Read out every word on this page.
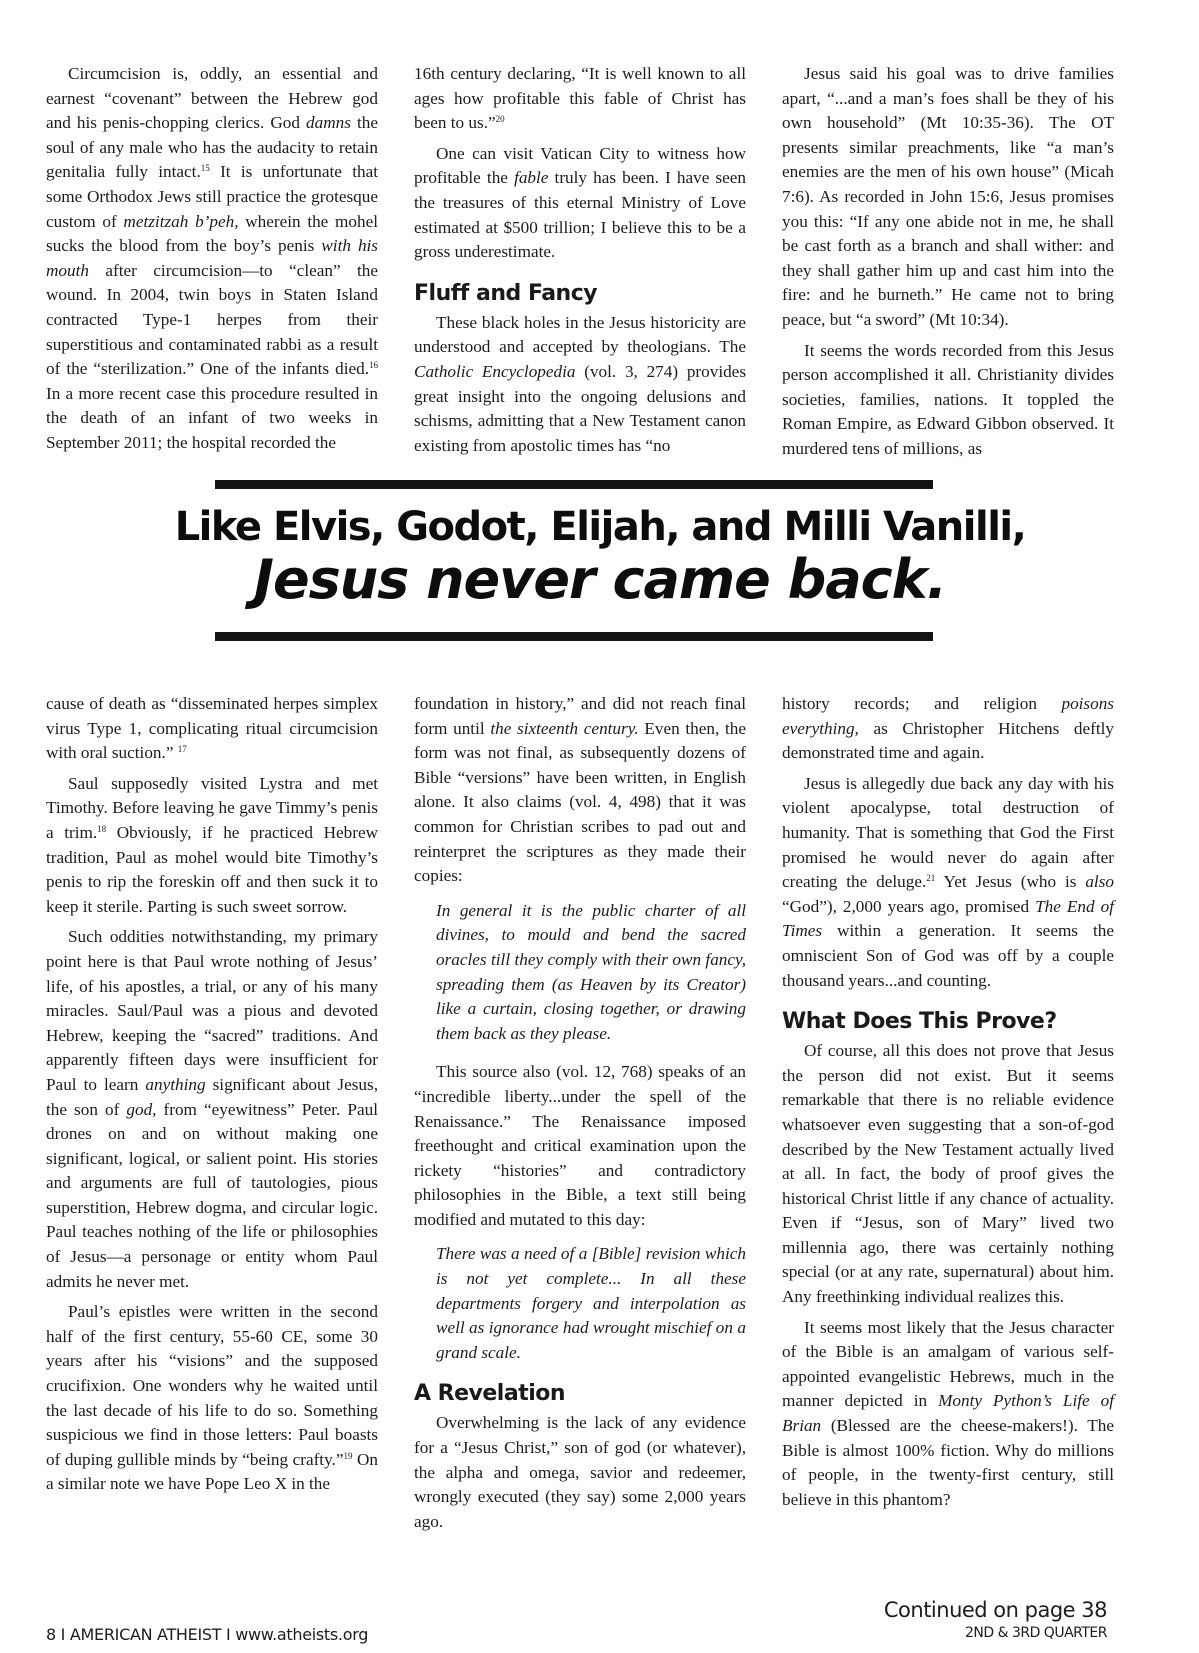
Circumcision is, oddly, an essential and earnest “covenant” between the Hebrew god and his penis-chopping clerics. God damns the soul of any male who has the audacity to retain genitalia fully intact.$^{15}$ It is unfortunate that some Orthodox Jews still practice the grotesque custom of metzitzah b’peh, wherein the mohel sucks the blood from the boy’s penis with his mouth after circumcision—to “clean” the wound. In 2004, twin boys in Staten Island contracted Type-1 herpes from their superstitious and contaminated rabbi as a result of the “sterilization.” One of the infants died.$^{16}$ In a more recent case this procedure resulted in the death of an infant of two weeks in September 2011; the hospital recorded the

16th century declaring, “It is well known to all ages how profitable this fable of Christ has been to us.”$^{20}$

One can visit Vatican City to witness how profitable the fable truly has been. I have seen the treasures of this eternal Ministry of Love estimated at $500 trillion; I believe this to be a gross underestimate.

Fluff and Fancy

These black holes in the Jesus historicity are understood and accepted by theologians. The Catholic Encyclopedia (vol. 3, 274) provides great insight into the ongoing delusions and schisms, admitting that a New Testament canon existing from apostolic times has “no

Jesus said his goal was to drive families apart, “...and a man’s foes shall be they of his own household” (Mt 10:35-36). The OT presents similar preachments, like “a man’s enemies are the men of his own house” (Micah 7:6). As recorded in John 15:6, Jesus promises you this: “If any one abide not in me, he shall be cast forth as a branch and shall wither: and they shall gather him up and cast him into the fire: and he burneth.” He came not to bring peace, but “a sword” (Mt 10:34).

It seems the words recorded from this Jesus person accomplished it all. Christianity divides societies, families, nations. It toppled the Roman Empire, as Edward Gibbon observed. It murdered tens of millions, as

Like Elvis, Godot, Elijah, and Milli Vanilli,
Jesus never came back.

cause of death as “disseminated herpes simplex virus Type 1, complicating ritual circumcision with oral suction.” $^{17}$

Saul supposedly visited Lystra and met Timothy. Before leaving he gave Timmy’s penis a trim.$^{18}$ Obviously, if he practiced Hebrew tradition, Paul as mohel would bite Timothy’s penis to rip the foreskin off and then suck it to keep it sterile. Parting is such sweet sorrow.

Such oddities notwithstanding, my primary point here is that Paul wrote nothing of Jesus’ life, of his apostles, a trial, or any of his many miracles. Saul/Paul was a pious and devoted Hebrew, keeping the “sacred” traditions. And apparently fifteen days were insufficient for Paul to learn anything significant about Jesus, the son of god, from “eyewitness” Peter. Paul drones on and on without making one significant, logical, or salient point. His stories and arguments are full of tautologies, pious superstition, Hebrew dogma, and circular logic. Paul teaches nothing of the life or philosophies of Jesus—a personage or entity whom Paul admits he never met.

Paul’s epistles were written in the second half of the first century, 55-60 CE, some 30 years after his “visions” and the supposed crucifixion. One wonders why he waited until the last decade of his life to do so. Something suspicious we find in those letters: Paul boasts of duping gullible minds by “being crafty.”$^{19}$ On a similar note we have Pope Leo X in the

foundation in history,” and did not reach final form until the sixteenth century. Even then, the form was not final, as subsequently dozens of Bible “versions” have been written, in English alone. It also claims (vol. 4, 498) that it was common for Christian scribes to pad out and reinterpret the scriptures as they made their copies:

In general it is the public charter of all divines, to mould and bend the sacred oracles till they comply with their own fancy, spreading them (as Heaven by its Creator) like a curtain, closing together, or drawing them back as they please.

This source also (vol. 12, 768) speaks of an “incredible liberty...under the spell of the Renaissance.” The Renaissance imposed freethought and critical examination upon the rickety “histories” and contradictory philosophies in the Bible, a text still being modified and mutated to this day:

There was a need of a [Bible] revision which is not yet complete... In all these departments forgery and interpolation as well as ignorance had wrought mischief on a grand scale.

A Revelation

Overwhelming is the lack of any evidence for a “Jesus Christ,” son of god (or whatever), the alpha and omega, savior and redeemer, wrongly executed (they say) some 2,000 years ago.

history records; and religion poisons everything, as Christopher Hitchens deftly demonstrated time and again.

Jesus is allegedly due back any day with his violent apocalypse, total destruction of humanity. That is something that God the First promised he would never do again after creating the deluge.$^{21}$ Yet Jesus (who is also “God”), 2,000 years ago, promised The End of Times within a generation. It seems the omniscient Son of God was off by a couple thousand years...and counting.

What Does This Prove?

Of course, all this does not prove that Jesus the person did not exist. But it seems remarkable that there is no reliable evidence whatsoever even suggesting that a son-of-god described by the New Testament actually lived at all. In fact, the body of proof gives the historical Christ little if any chance of actuality. Even if “Jesus, son of Mary” lived two millennia ago, there was certainly nothing special (or at any rate, supernatural) about him. Any freethinking individual realizes this.

It seems most likely that the Jesus character of the Bible is an amalgam of various self-appointed evangelistic Hebrews, much in the manner depicted in Monty Python’s Life of Brian (Blessed are the cheese-makers!). The Bible is almost 100% fiction. Why do millions of people, in the twenty-first century, still believe in this phantom?

Continued on page 38
8 I AMERICAN ATHEIST I www.atheists.org	2ND & 3RD QUARTER
